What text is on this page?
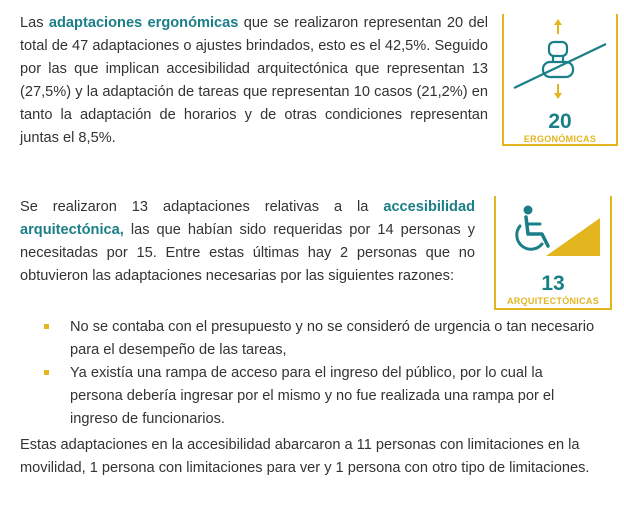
Las adaptaciones ergonómicas que se realizaron representan 20 del total de 47 adaptaciones o ajustes brindados, esto es el 42,5%. Seguido por las que implican accesibilidad arquitectónica que representan 13 (27,5%) y la adaptación de tareas que representan 10 casos (21,2%) en tanto la adaptación de horarios y de otras condiciones representan juntas el 8,5%.

20
ERGONÓMICAS

Se realizaron 13 adaptaciones relativas a la accesibilidad arquitectónica, las que habían sido requeridas por 14 personas y necesitadas por 15. Entre estas últimas hay 2 personas que no obtuvieron las adaptaciones necesarias por las siguientes razones:	13
ARQUITECTÓNICAS
No se contaba con el presupuesto y no se consideró de urgencia o tan necesario para el desempeño de las tareas,
Ya existía una rampa de acceso para el ingreso del público, por lo cual la persona debería ingresar por el mismo y no fue realizada una rampa por el ingreso de funcionarios.

Estas adaptaciones en la accesibilidad abarcaron a 11 personas con limitaciones en la movilidad, 1 persona con limitaciones para ver y 1 persona con otro tipo de limitaciones.
